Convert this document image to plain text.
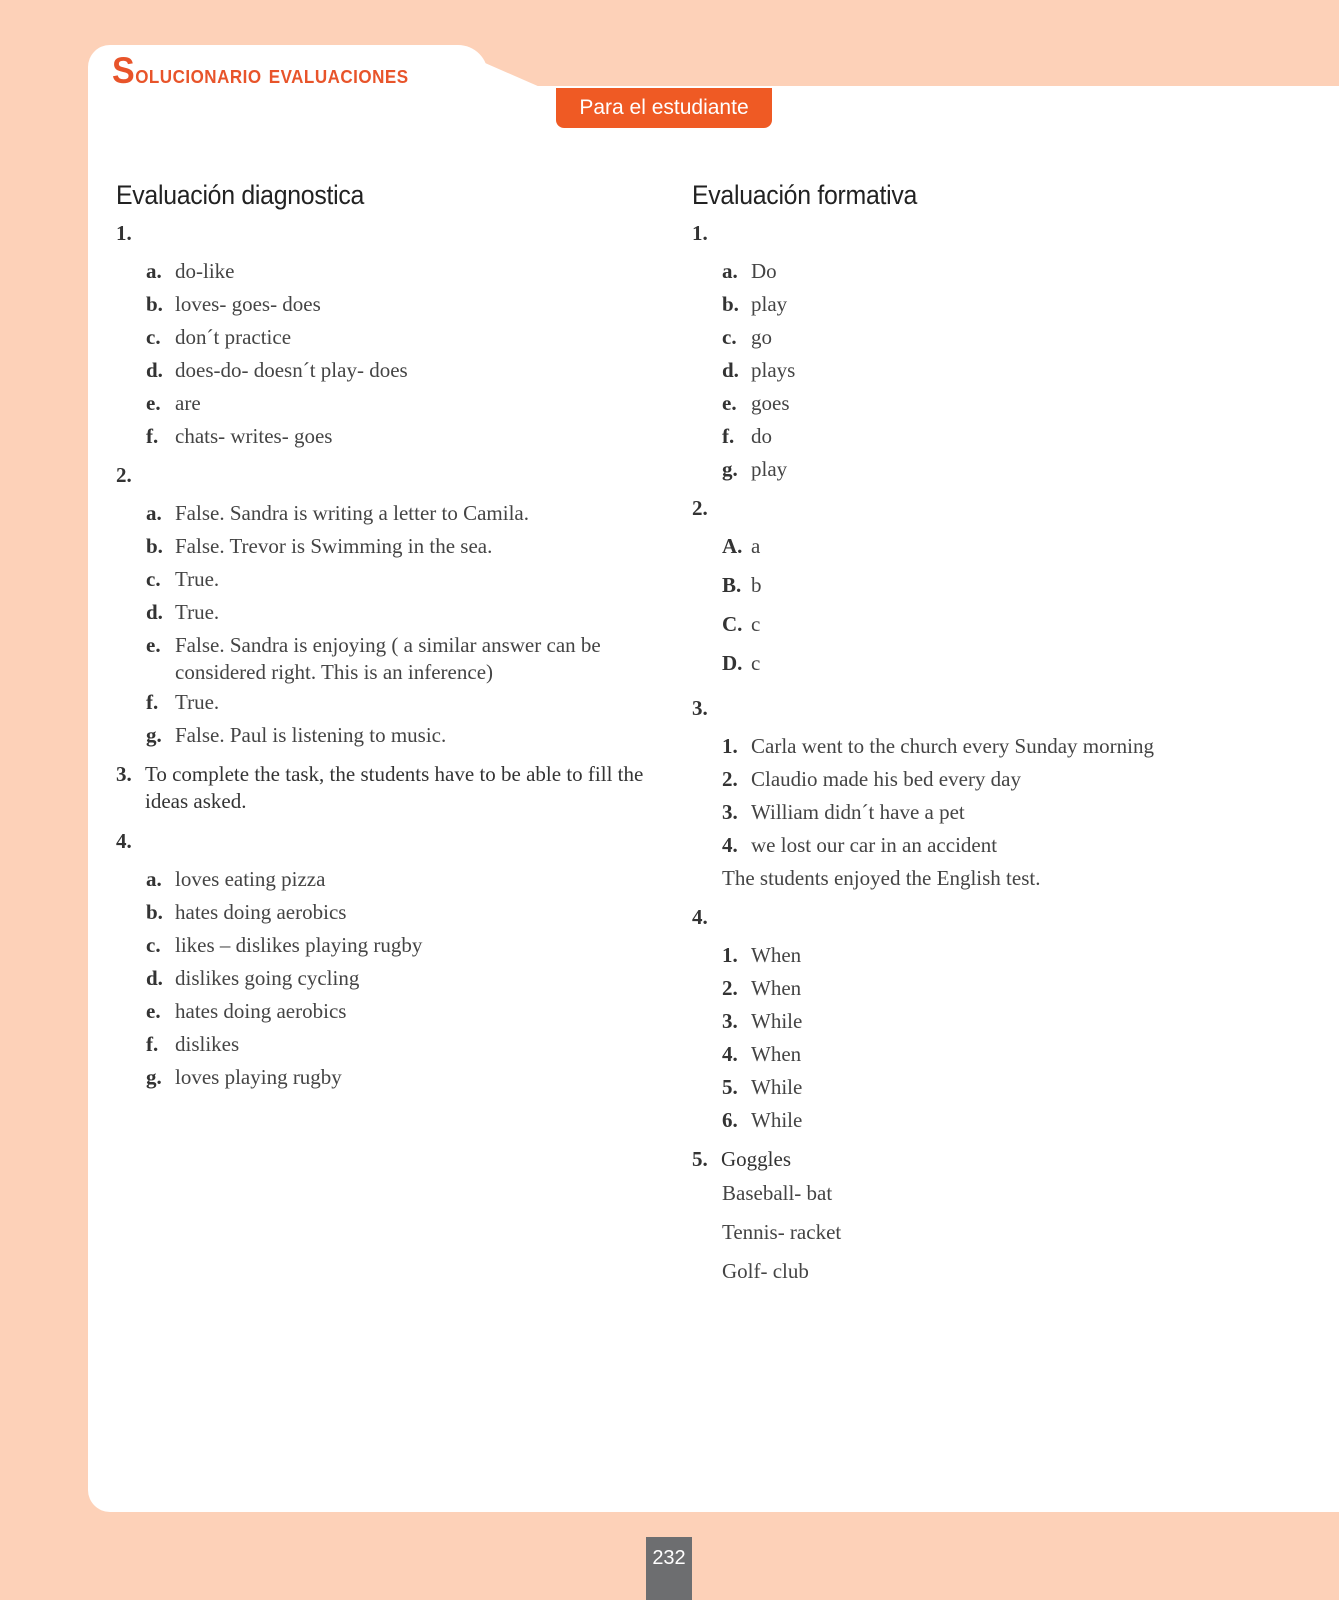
Solucionario evaluaciones
Para el estudiante
Evaluación diagnostica
1.
a. do-like
b. loves- goes- does
c. don´t practice
d. does-do- doesn´t play- does
e. are
f. chats- writes- goes
2.
a. False. Sandra is writing a letter to Camila.
b. False. Trevor is Swimming in the sea.
c. True.
d. True.
e. False. Sandra is enjoying ( a similar answer can be considered right. This is an inference)
f. True.
g. False. Paul is listening to music.
3. To complete the task, the students have to be able to fill the ideas asked.
4.
a. loves eating pizza
b. hates doing aerobics
c. likes – dislikes playing rugby
d. dislikes going cycling
e. hates doing aerobics
f. dislikes
g. loves playing rugby
Evaluación formativa
1.
a. Do
b. play
c. go
d. plays
e. goes
f. do
g. play
2.
A. a
B. b
C. c
D. c
3.
1. Carla went to the church every Sunday morning
2. Claudio made his bed every day
3. William didn´t have a pet
4. we lost our car in an accident
The students enjoyed the English test.
4.
1. When
2. When
3. While
4. When
5. While
6. While
5. Goggles
Baseball- bat
Tennis- racket
Golf- club
232
